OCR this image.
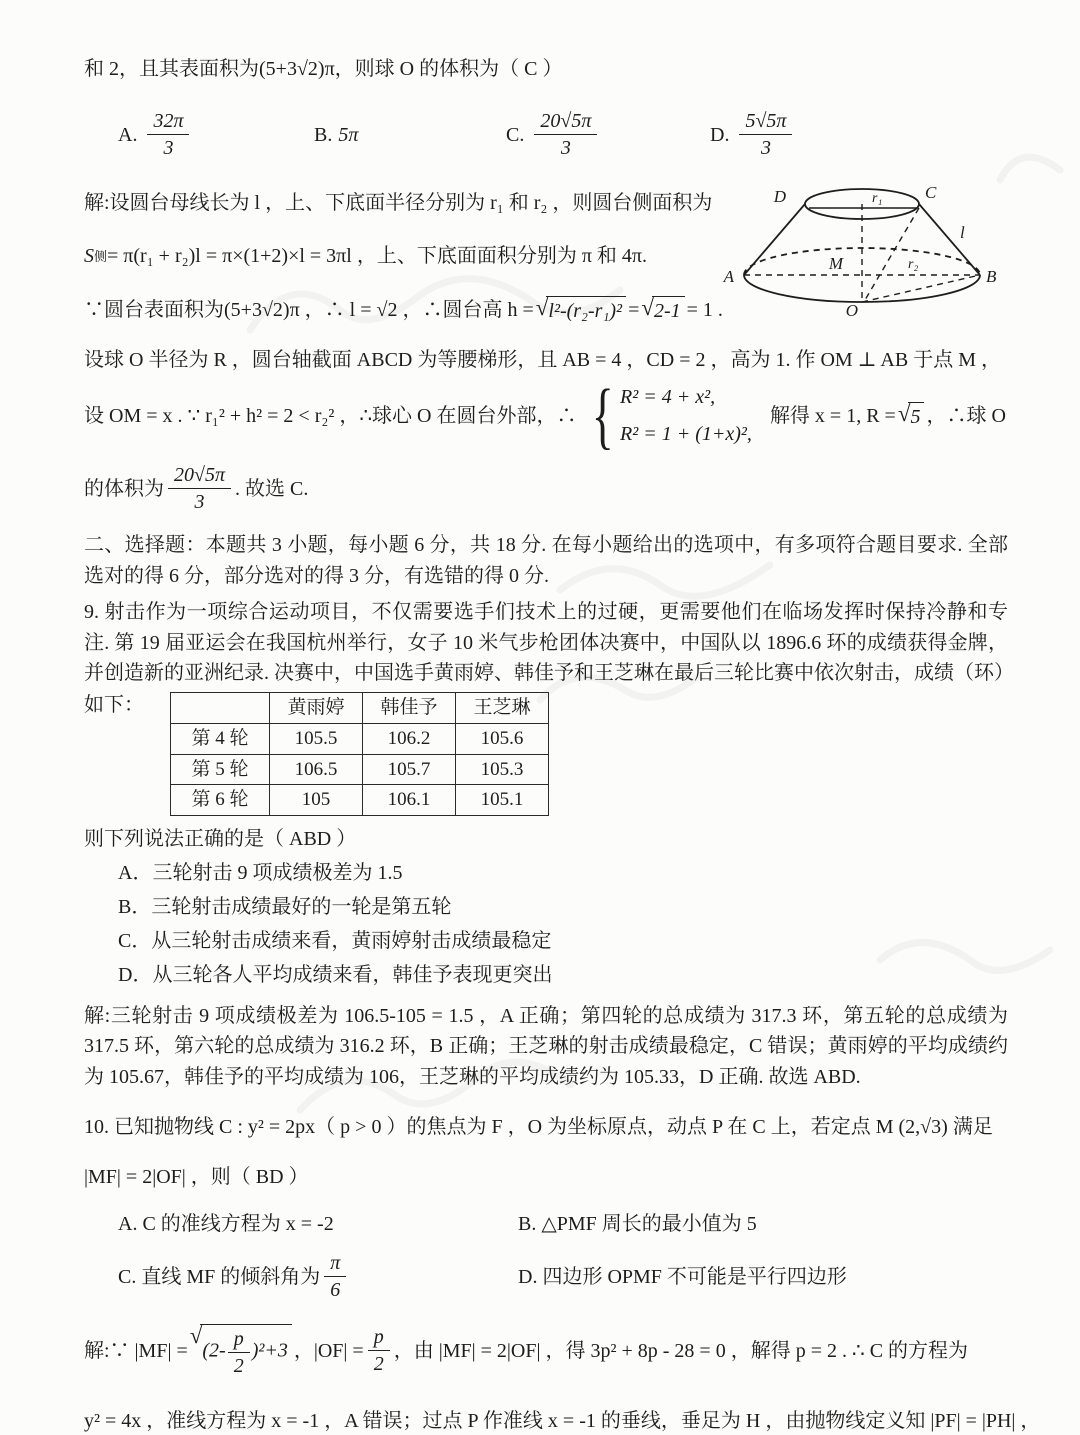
D	C
r₁
l
M	r₂
A	B
O
和 2，且其表面积为(5+3√2)π，则球 O 的体积为（ C ）
A. $\frac{32\pi}{3}$	B. 5π	C. $\frac{20√5\pi}{3}$	D. $\frac{5√5\pi}{3}$
解:设圆台母线长为 l ，上、下底面半径分别为 r₁ 和 r₂ ，则圆台侧面积为
S 侧 = π(r₁ + r₂)l = π×(1+2)×l = 3πl ，上、下底面面积分别为 π 和 4π.
∵圆台表面积为(5+3√2)π ，∴ l = √2 ，∴圆台高 h = √ l²-(r₂-r₁)² = √ 2-1 = 1 .
设球 O 半径为 R ，圆台轴截面 ABCD 为等腰梯形，且 AB = 4 ，CD = 2 ，高为 1. 作 OM ⊥ AB 于点 M ，
设 OM = x . ∵ r₁² + h² = 2 < r₂² ，∴球心 O 在圆台外部，∴ { R² = 4 + x²,
R² = 1 + (1+x)²,
解得 x = 1, R = √ 5 ，∴球 O
的体积为 $\frac{20√5\pi}{3}$ . 故选 C.
二、选择题：本题共 3 小题，每小题 6 分，共 18 分. 在每小题给出的选项中，有多项符合题目要求. 全部选对的得 6 分，部分选对的得 3 分，有选错的得 0 分.
9. 射击作为一项综合运动项目，不仅需要选手们技术上的过硬，更需要他们在临场发挥时保持冷静和专注. 第 19 届亚运会在我国杭州举行，女子 10 米气步枪团体决赛中，中国队以 1896.6 环的成绩获得金牌，并创造新的亚洲纪录. 决赛中，中国选手黄雨婷、韩佳予和王芝琳在最后三轮比赛中依次射击，成绩（环）
如下：
		黄雨婷	韩佳予	王芝琳
第 4 轮	105.5	106.2	105.6
第 5 轮	106.5	105.7	105.3
第 6 轮	105	106.1	105.1
则下列说法正确的是（ ABD ）
A．三轮射击 9 项成绩极差为 1.5
B．三轮射击成绩最好的一轮是第五轮
C．从三轮射击成绩来看，黄雨婷射击成绩最稳定
D．从三轮各人平均成绩来看，韩佳予表现更突出
解:三轮射击 9 项成绩极差为 106.5-105 = 1.5 ，A 正确；第四轮的总成绩为 317.3 环，第五轮的总成绩为 317.5 环，第六轮的总成绩为 316.2 环，B 正确；王芝琳的射击成绩最稳定，C 错误；黄雨婷的平均成绩约为 105.67，韩佳予的平均成绩为 106，王芝琳的平均成绩约为 105.33，D 正确. 故选 ABD.
10. 已知抛物线 C : y² = 2px（ p > 0 ）的焦点为 F ，O 为坐标原点，动点 P 在 C 上，若定点 M (2,√3) 满足
|MF| = 2|OF| ，则（ BD ）
A. C 的准线方程为 x = -2	B. △PMF 周长的最小值为 5
C. 直线 MF 的倾斜角为 $\frac{\pi}{6}$	D. 四边形 OPMF 不可能是平行四边形
解:∵ |MF| =
√
$(2- \frac{p}{2} )^2+3$ ，$|OF| = \frac{p}{2}$ ，由 |MF| = 2|OF| ，得 3p² + 8p - 28 = 0 ，解得 p = 2 . ∴ C 的方程为
y² = 4x ，准线方程为 x = -1 ，A 错误；过点 P 作准线 x = -1 的垂线，垂足为 H ，由抛物线定义知 |PF| = |PH| ，
